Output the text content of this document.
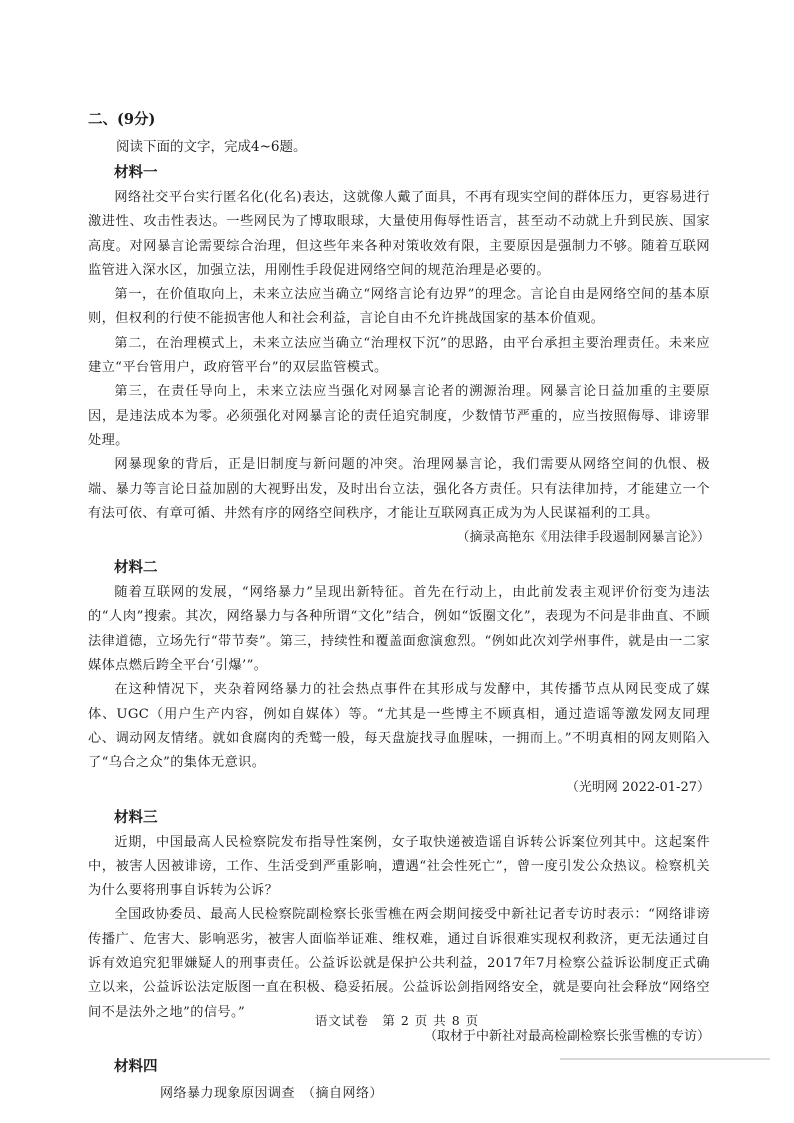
二、(9分)
阅读下面的文字，完成4~6题。
材料一

网络社交平台实行匿名化(化名)表达，这就像人戴了面具，不再有现实空间的群体压力，更容易进行激进性、攻击性表达。一些网民为了博取眼球，大量使用侮辱性语言，甚至动不动就上升到民族、国家高度。对网暴言论需要综合治理，但这些年来各种对策收效有限，主要原因是强制力不够。随着互联网监管进入深水区，加强立法，用刚性手段促进网络空间的规范治理是必要的。

第一，在价值取向上，未来立法应当确立“网络言论有边界”的理念。言论自由是网络空间的基本原则，但权利的行使不能损害他人和社会利益，言论自由不允许挑战国家的基本价值观。

第二，在治理模式上，未来立法应当确立“治理权下沉”的思路，由平台承担主要治理责任。未来应建立“平台管用户，政府管平台”的双层监管模式。

第三，在责任导向上，未来立法应当强化对网暴言论者的溯源治理。网暴言论日益加重的主要原因，是违法成本为零。必须强化对网暴言论的责任追究制度，少数情节严重的，应当按照侮辱、诽谤罪处理。

网暴现象的背后，正是旧制度与新问题的冲突。治理网暴言论，我们需要从网络空间的仇恨、极端、暴力等言论日益加剧的大视野出发，及时出台立法，强化各方责任。只有法律加持，才能建立一个有法可依、有章可循、井然有序的网络空间秩序，才能让互联网真正成为为人民谋福利的工具。

（摘录高艳东《用法律手段遏制网暴言论》）
材料二

随着互联网的发展，“网络暴力”呈现出新特征。首先在行动上，由此前发表主观评价衍变为违法的“人肉”搜索。其次，网络暴力与各种所谓“文化”结合，例如“饭圈文化”，表现为不问是非曲直、不顾法律道德，立场先行“带节奏”。第三，持续性和覆盖面愈演愈烈。“例如此次刘学州事件，就是由一二家媒体点燃后跨全平台‘引爆’”。

在这种情况下，夹杂着网络暴力的社会热点事件在其形成与发酵中，其传播节点从网民变成了媒体、UGC（用户生产内容，例如自媒体）等。“尤其是一些博主不顾真相，通过造谣等激发网友同理心、调动网友情绪。就如食腐肉的秃鹫一般，每天盘旋找寻血腥味，一拥而上。”不明真相的网友则陷入了“乌合之众”的集体无意识。

（光明网 2022-01-27）
材料三

近期，中国最高人民检察院发布指导性案例，女子取快递被造谣自诉转公诉案位列其中。这起案件中，被害人因被诽谤，工作、生活受到严重影响，遭遇“社会性死亡”，曾一度引发公众热议。检察机关为什么要将刑事自诉转为公诉？

全国政协委员、最高人民检察院副检察长张雪樵在两会期间接受中新社记者专访时表示：“网络诽谤传播广、危害大、影响恶劣，被害人面临举证难、维权难，通过自诉很难实现权利救济，更无法通过自诉有效追究犯罪嫌疑人的刑事责任。公益诉讼就是保护公共利益，2017年7月检察公益诉讼制度正式确立以来，公益诉讼法定版图一直在积极、稳妥拓展。公益诉讼剑指网络安全，就是要向社会释放“网络空间不是法外之地”的信号。”

（取材于中新社对最高检副检察长张雪樵的专访）
材料四
网络暴力现象原因调查　（摘自网络）
语文试卷　第 2 页 共 8 页
